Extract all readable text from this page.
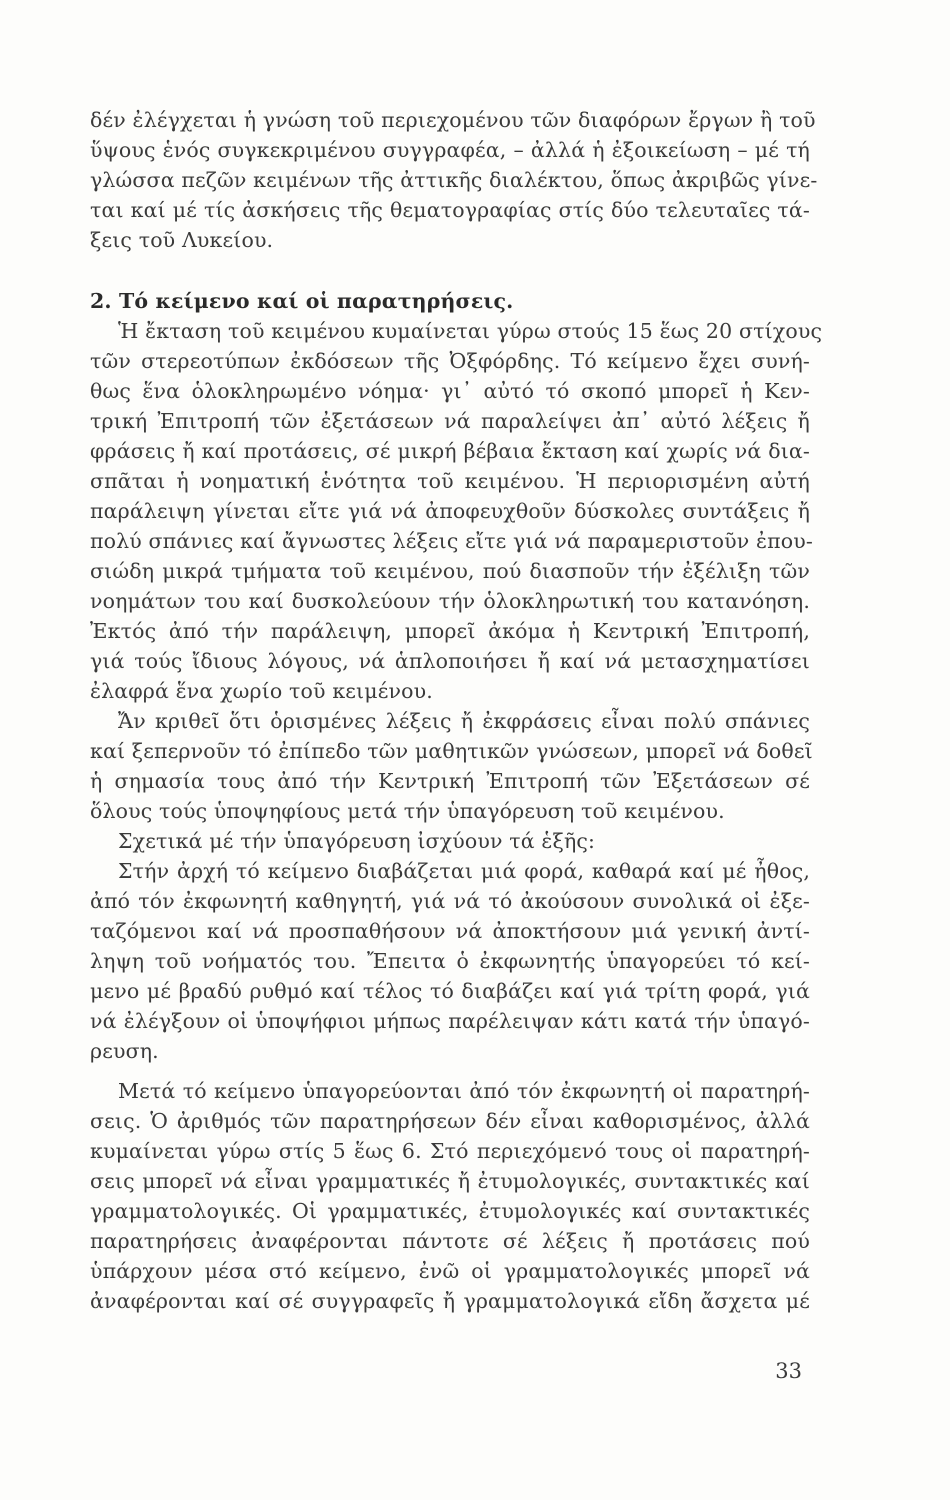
δέν ἐλέγχεται ἡ γνώση τοῦ περιεχομένου τῶν διαφόρων ἔργων ἢ τοῦ
ὕψους ἑνός συγκεκριμένου συγγραφέα, – ἀλλά ἡ ἐξοικείωση – μέ τή
γλώσσα πεζῶν κειμένων τῆς ἀττικῆς διαλέκτου, ὅπως ἀκριβῶς γίνε-
ται καί μέ τίς ἀσκήσεις τῆς θεματογραφίας στίς δύο τελευταῖες τά-
ξεις τοῦ Λυκείου.
2. Τό κείμενο καί οἱ παρατηρήσεις.
Ἡ ἔκταση τοῦ κειμένου κυμαίνεται γύρω στούς 15 ἕως 20 στίχους
τῶν στερεοτύπων ἐκδόσεων τῆς Ὀξφόρδης. Τό κείμενο ἔχει συνή-
θως ἕνα ὁλοκληρωμένο νόημα· γι᾿ αὐτό τό σκοπό μπορεῖ ἡ Κεν-
τρική Ἐπιτροπή τῶν ἐξετάσεων νά παραλείψει ἀπ᾿ αὐτό λέξεις ἤ
φράσεις ἤ καί προτάσεις, σέ μικρή βέβαια ἔκταση καί χωρίς νά δια-
σπᾶται ἡ νοηματική ἑνότητα τοῦ κειμένου. Ἡ περιορισμένη αὐτή
παράλειψη γίνεται εἴτε γιά νά ἀποφευχθοῦν δύσκολες συντάξεις ἤ
πολύ σπάνιες καί ἄγνωστες λέξεις εἴτε γιά νά παραμεριστοῦν ἐπου-
σιώδη μικρά τμήματα τοῦ κειμένου, πού διασποῦν τήν ἐξέλιξη τῶν
νοημάτων του καί δυσκολεύουν τήν ὁλοκληρωτική του κατανόηση.
Ἐκτός ἀπό τήν παράλειψη, μπορεῖ ἀκόμα ἡ Κεντρική Ἐπιτροπή,
γιά τούς ἴδιους λόγους, νά ἁπλοποιήσει ἤ καί νά μετασχηματίσει
ἐλαφρά ἕνα χωρίο τοῦ κειμένου.
Ἄν κριθεῖ ὅτι ὁρισμένες λέξεις ἤ ἐκφράσεις εἶναι πολύ σπάνιες
καί ξεπερνοῦν τό ἐπίπεδο τῶν μαθητικῶν γνώσεων, μπορεῖ νά δοθεῖ
ἡ σημασία τους ἀπό τήν Κεντρική Ἐπιτροπή τῶν Ἐξετάσεων σέ
ὅλους τούς ὑποψηφίους μετά τήν ὑπαγόρευση τοῦ κειμένου.
Σχετικά μέ τήν ὑπαγόρευση ἰσχύουν τά ἑξῆς:
Στήν ἀρχή τό κείμενο διαβάζεται μιά φορά, καθαρά καί μέ ἦθος,
ἀπό τόν ἐκφωνητή καθηγητή, γιά νά τό ἀκούσουν συνολικά οἱ ἐξε-
ταζόμενοι καί νά προσπαθήσουν νά ἀποκτήσουν μιά γενική ἀντί-
ληψη τοῦ νοήματός του. Ἔπειτα ὁ ἐκφωνητής ὑπαγορεύει τό κεί-
μενο μέ βραδύ ρυθμό καί τέλος τό διαβάζει καί γιά τρίτη φορά, γιά
νά ἐλέγξουν οἱ ὑποψήφιοι μήπως παρέλειψαν κάτι κατά τήν ὑπαγό-
ρευση.
Μετά τό κείμενο ὑπαγορεύονται ἀπό τόν ἐκφωνητή οἱ παρατηρή-
σεις. Ὁ ἀριθμός τῶν παρατηρήσεων δέν εἶναι καθορισμένος, ἀλλά
κυμαίνεται γύρω στίς 5 ἕως 6. Στό περιεχόμενό τους οἱ παρατηρή-
σεις μπορεῖ νά εἶναι γραμματικές ἤ ἐτυμολογικές, συντακτικές καί
γραμματολογικές. Οἱ γραμματικές, ἐτυμολογικές καί συντακτικές
παρατηρήσεις ἀναφέρονται πάντοτε σέ λέξεις ἤ προτάσεις πού
ὑπάρχουν μέσα στό κείμενο, ἐνῶ οἱ γραμματολογικές μπορεῖ νά
ἀναφέρονται καί σέ συγγραφεῖς ἤ γραμματολογικά εἴδη ἄσχετα μέ
33
